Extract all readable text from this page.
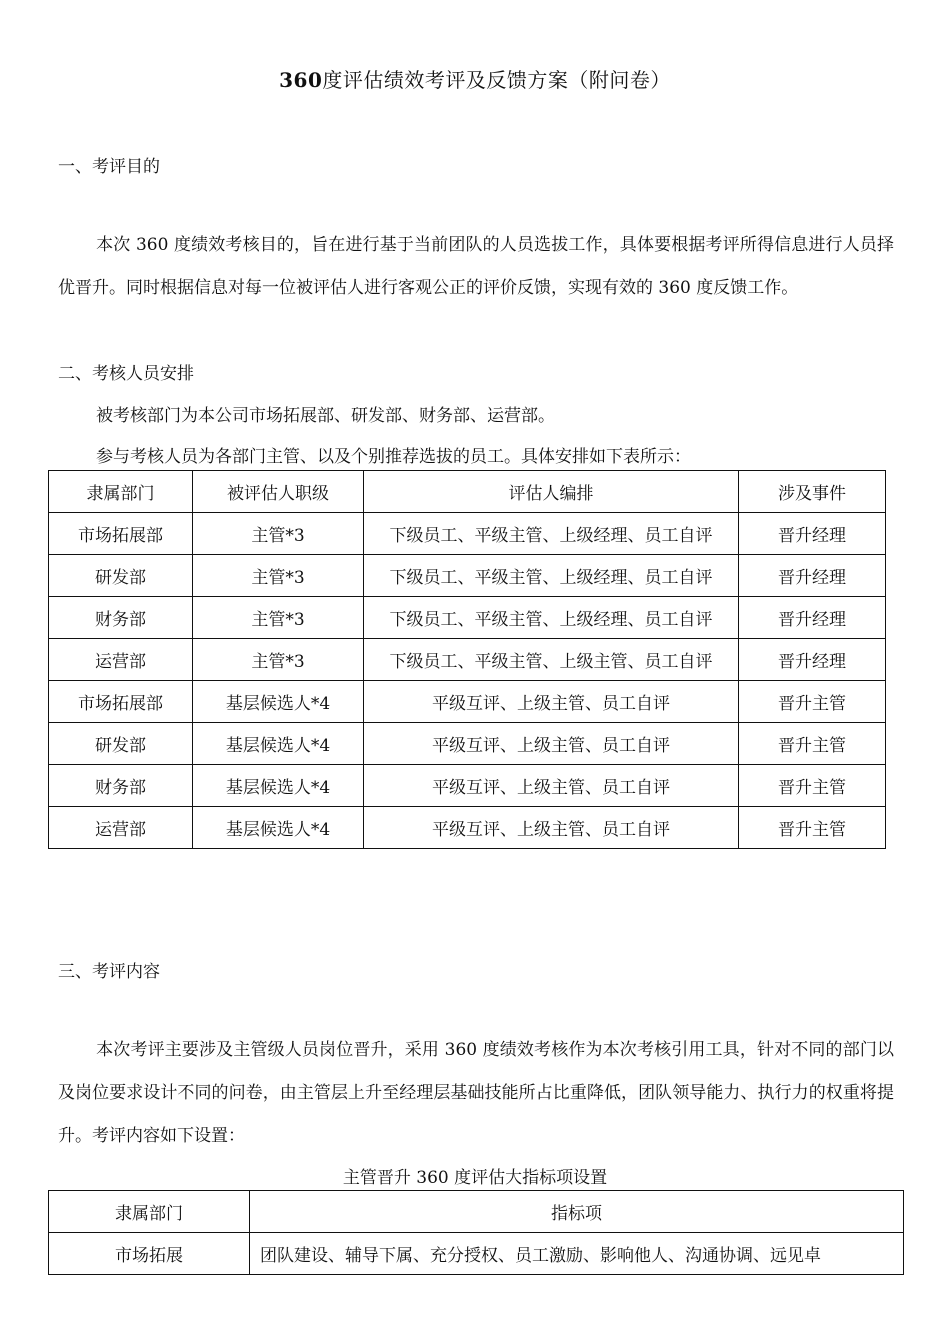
360度评估绩效考评及反馈方案（附问卷）
一、考评目的
本次 360 度绩效考核目的，旨在进行基于当前团队的人员选拔工作，具体要根据考评所得信息进行人员择优晋升。同时根据信息对每一位被评估人进行客观公正的评价反馈，实现有效的 360 度反馈工作。
二、考核人员安排
被考核部门为本公司市场拓展部、研发部、财务部、运营部。
参与考核人员为各部门主管、以及个别推荐选拔的员工。具体安排如下表所示：
隶属部门	被评估人职级	评估人编排	涉及事件
市场拓展部	主管*3	下级员工、平级主管、上级经理、员工自评	晋升经理
研发部	主管*3	下级员工、平级主管、上级经理、员工自评	晋升经理
财务部	主管*3	下级员工、平级主管、上级经理、员工自评	晋升经理
运营部	主管*3	下级员工、平级主管、上级主管、员工自评	晋升经理
市场拓展部	基层候选人*4	平级互评、上级主管、员工自评	晋升主管
研发部	基层候选人*4	平级互评、上级主管、员工自评	晋升主管
财务部	基层候选人*4	平级互评、上级主管、员工自评	晋升主管
运营部	基层候选人*4	平级互评、上级主管、员工自评	晋升主管
三、考评内容
本次考评主要涉及主管级人员岗位晋升，采用 360 度绩效考核作为本次考核引用工具，针对不同的部门以及岗位要求设计不同的问卷，由主管层上升至经理层基础技能所占比重降低，团队领导能力、执行力的权重将提升。考评内容如下设置：
主管晋升 360 度评估大指标项设置
隶属部门	指标项
市场拓展	团队建设、辅导下属、充分授权、员工激励、影响他人、沟通协调、远见卓
